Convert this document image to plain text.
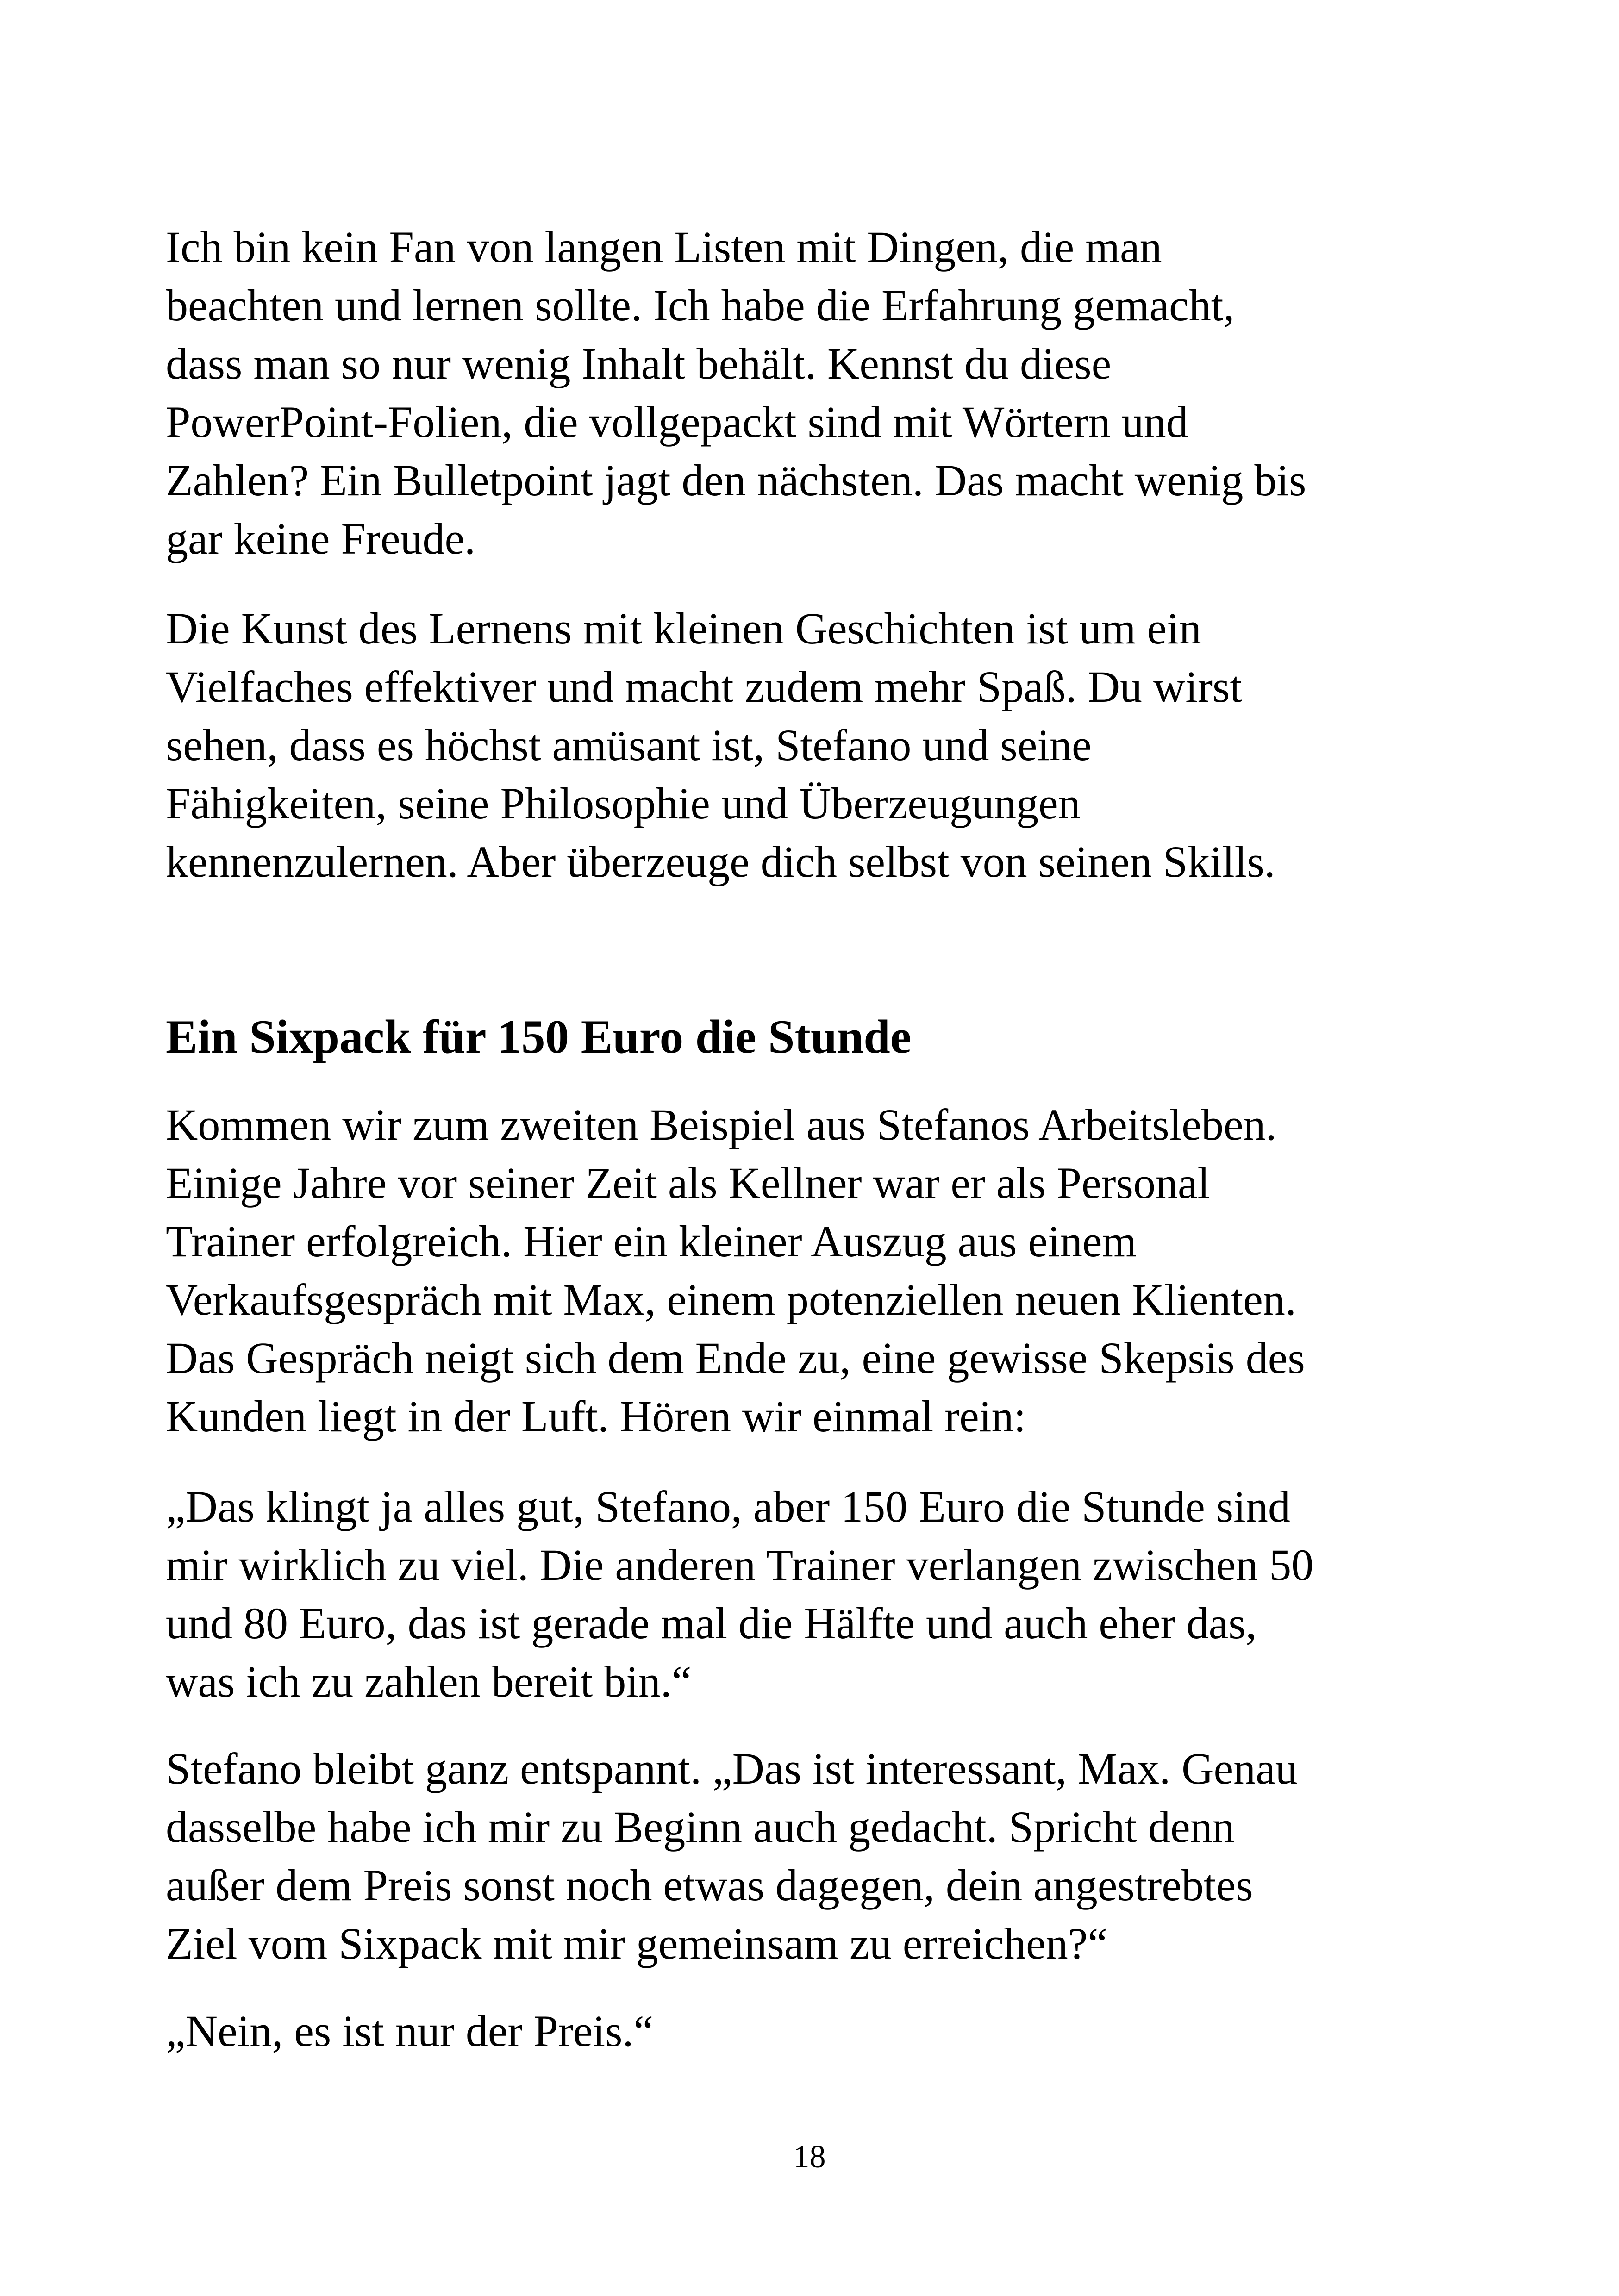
Ich bin kein Fan von langen Listen mit Dingen, die man
beachten und lernen sollte. Ich habe die Erfahrung gemacht,
dass man so nur wenig Inhalt behält. Kennst du diese
PowerPoint-Folien, die vollgepackt sind mit Wörtern und
Zahlen? Ein Bulletpoint jagt den nächsten. Das macht wenig bis
gar keine Freude.
Die Kunst des Lernens mit kleinen Geschichten ist um ein
Vielfaches effektiver und macht zudem mehr Spaß. Du wirst
sehen, dass es höchst amüsant ist, Stefano und seine
Fähigkeiten, seine Philosophie und Überzeugungen
kennenzulernen. Aber überzeuge dich selbst von seinen Skills.
Ein Sixpack für 150 Euro die Stunde
Kommen wir zum zweiten Beispiel aus Stefanos Arbeitsleben.
Einige Jahre vor seiner Zeit als Kellner war er als Personal
Trainer erfolgreich. Hier ein kleiner Auszug aus einem
Verkaufsgespräch mit Max, einem potenziellen neuen Klienten.
Das Gespräch neigt sich dem Ende zu, eine gewisse Skepsis des
Kunden liegt in der Luft. Hören wir einmal rein:
„Das klingt ja alles gut, Stefano, aber 150 Euro die Stunde sind
mir wirklich zu viel. Die anderen Trainer verlangen zwischen 50
und 80 Euro, das ist gerade mal die Hälfte und auch eher das,
was ich zu zahlen bereit bin.“
Stefano bleibt ganz entspannt. „Das ist interessant, Max. Genau
dasselbe habe ich mir zu Beginn auch gedacht. Spricht denn
außer dem Preis sonst noch etwas dagegen, dein angestrebtes
Ziel vom Sixpack mit mir gemeinsam zu erreichen?“
„Nein, es ist nur der Preis.“
18
